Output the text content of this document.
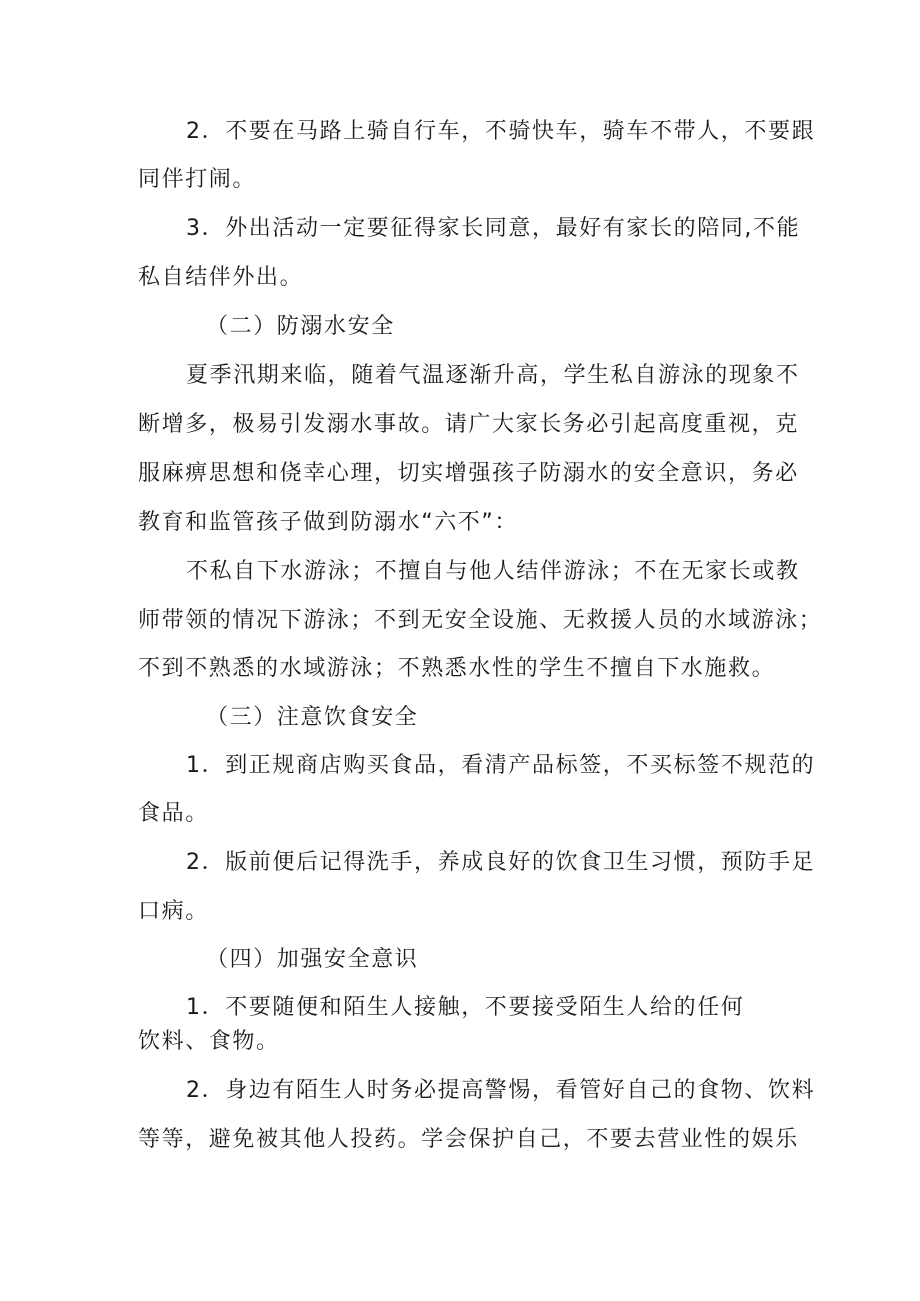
2．不要在马路上骑自行车，不骑快车，骑车不带人，不要跟
同伴打闹。
3．外出活动一定要征得家长同意，最好有家长的陪同,不能
私自结伴外出。
（二）防溺水安全
夏季汛期来临，随着气温逐渐升高，学生私自游泳的现象不
断增多，极易引发溺水事故。请广大家长务必引起高度重视，克
服麻痹思想和侥幸心理，切实增强孩子防溺水的安全意识，务必
教育和监管孩子做到防溺水“六不”：
不私自下水游泳；不擅自与他人结伴游泳；不在无家长或教
师带领的情况下游泳；不到无安全设施、无救援人员的水域游泳；
不到不熟悉的水域游泳；不熟悉水性的学生不擅自下水施救。
（三）注意饮食安全
1．到正规商店购买食品，看清产品标签，不买标签不规范的
食品。
2．版前便后记得洗手，养成良好的饮食卫生习惯，预防手足
口病。
（四）加强安全意识
1．不要随便和陌生人接触，不要接受陌生人给的任何
饮料、食物。
2．身边有陌生人时务必提高警惕，看管好自己的食物、饮料
等等，避免被其他人投药。学会保护自己，不要去营业性的娱乐
